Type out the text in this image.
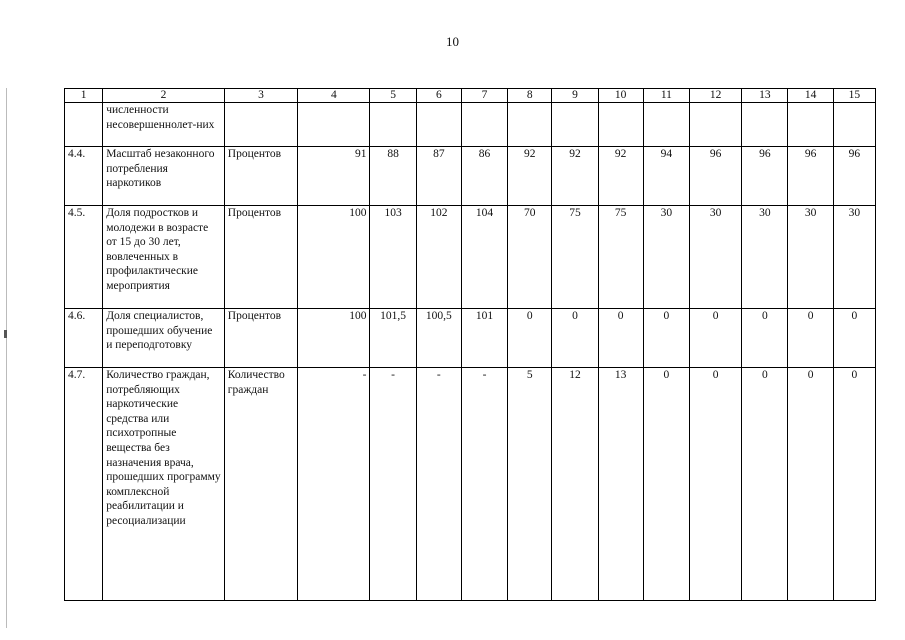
10
1	2	3	4	5	6	7	8	9	10	11	12	13	14	15
	численности несовершеннолет-них													
4.4.	Масштаб незаконного потребления наркотиков	Процентов	91	88	87	86	92	92	92	94	96	96	96	96
4.5.	Доля подростков и молодежи в возрасте от 15 до 30 лет, вовлеченных в профилактические мероприятия	Процентов	100	103	102	104	70	75	75	30	30	30	30	30
4.6.	Доля специалистов, прошедших обучение и переподготовку	Процентов	100	101,5	100,5	101	0	0	0	0	0	0	0	0
4.7.	Количество граждан, потребляющих наркотические средства или психотропные вещества без назначения врача, прошедших программу комплексной реабилитации и ресоциализации	Количество граждан	-	-	-	-	5	12	13	0	0	0	0	0
